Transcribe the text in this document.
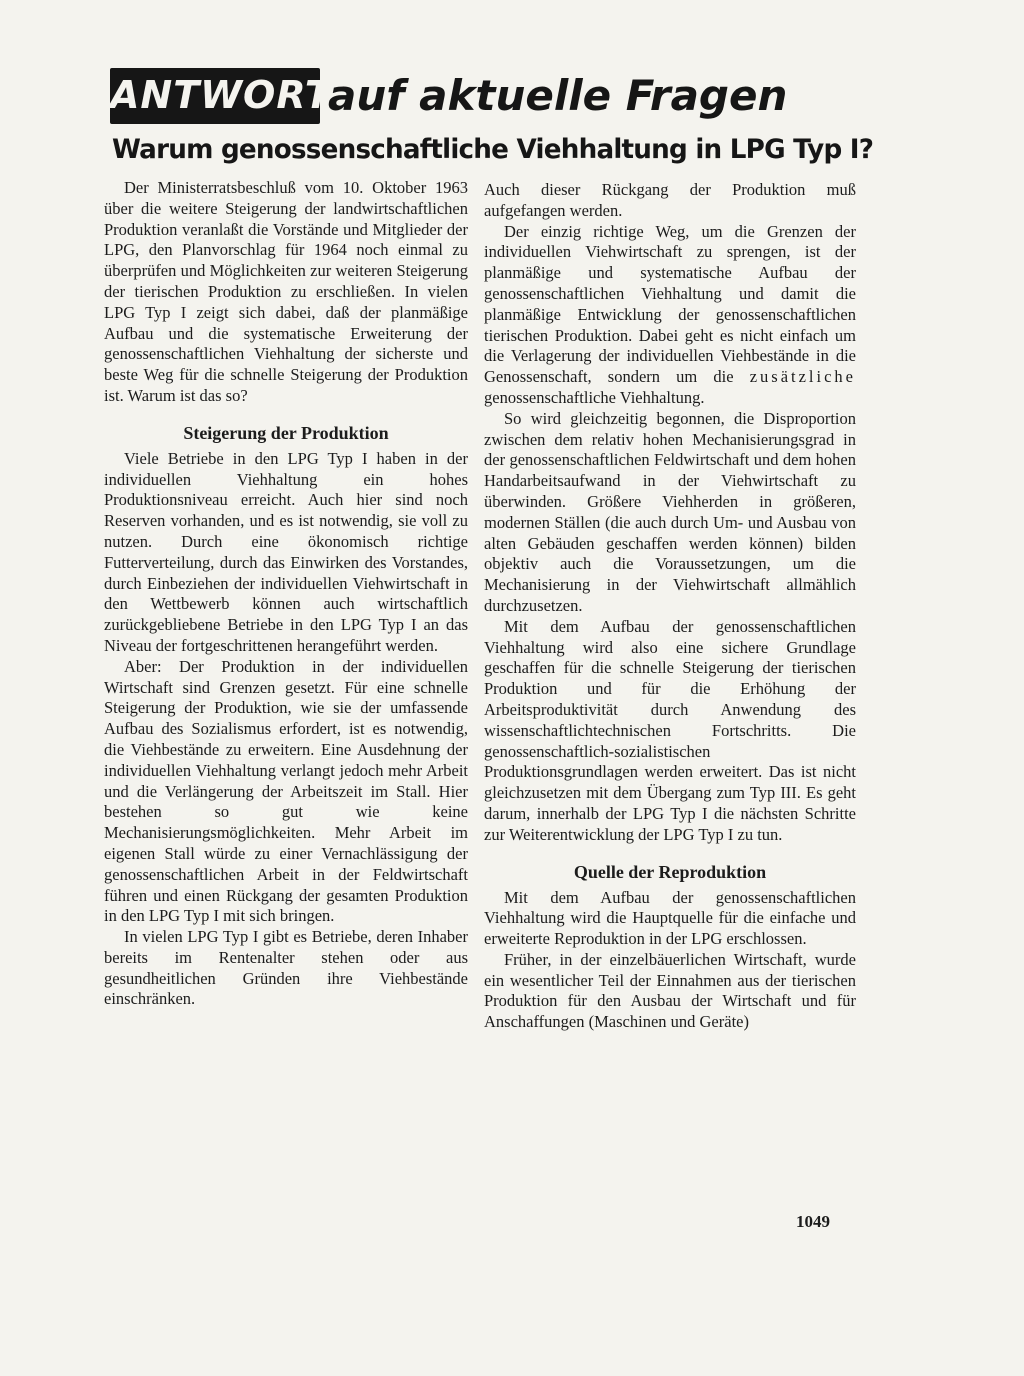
ANTWORT
auf aktuelle Fragen
Warum genossenschaftliche Viehhaltung in LPG Typ I?

Der Ministerratsbeschluß vom 10. Oktober 1963 über die weitere Steigerung der landwirtschaftlichen Produktion veranlaßt die Vorstände und Mitglieder der LPG, den Planvorschlag für 1964 noch einmal zu überprüfen und Möglichkeiten zur weiteren Steigerung der tierischen Produktion zu erschließen. In vielen LPG Typ I zeigt sich dabei, daß der planmäßige Aufbau und die systematische Erweiterung der genossenschaftlichen Viehhaltung der sicherste und beste Weg für die schnelle Steigerung der Produktion ist. Warum ist das so?

Steigerung der Produktion

Viele Betriebe in den LPG Typ I haben in der individuellen Viehhaltung ein hohes Produktionsniveau erreicht. Auch hier sind noch Reserven vorhanden, und es ist notwendig, sie voll zu nutzen. Durch eine ökonomisch richtige Futterverteilung, durch das Einwirken des Vorstandes, durch Einbeziehen der individuellen Viehwirtschaft in den Wettbewerb können auch wirtschaftlich zurückgebliebene Betriebe in den LPG Typ I an das Niveau der fortgeschrittenen herangeführt werden.

Aber: Der Produktion in der individuellen Wirtschaft sind Grenzen gesetzt. Für eine schnelle Steigerung der Produktion, wie sie der umfassende Aufbau des Sozialismus erfordert, ist es notwendig, die Viehbestände zu erweitern. Eine Ausdehnung der individuellen Viehhaltung verlangt jedoch mehr Arbeit und die Verlängerung der Arbeitszeit im Stall. Hier bestehen so gut wie keine Mechanisierungsmöglichkeiten. Mehr Arbeit im eigenen Stall würde zu einer Vernachlässigung der genossenschaftlichen Arbeit in der Feldwirtschaft führen und einen Rückgang der gesamten Produktion in den LPG Typ I mit sich bringen.

In vielen LPG Typ I gibt es Betriebe, deren Inhaber bereits im Rentenalter stehen oder aus gesundheitlichen Gründen ihre Viehbestände einschränken.

Auch dieser Rückgang der Produktion muß aufgefangen werden.

Der einzig richtige Weg, um die Grenzen der individuellen Viehwirtschaft zu sprengen, ist der planmäßige und systematische Aufbau der genossenschaftlichen Viehhaltung und damit die planmäßige Entwicklung der genossenschaftlichen tierischen Produktion. Dabei geht es nicht einfach um die Verlagerung der individuellen Viehbestände in die Genossenschaft, sondern um die zusätzliche genossenschaftliche Viehhaltung.

So wird gleichzeitig begonnen, die Disproportion zwischen dem relativ hohen Mechanisierungsgrad in der genossenschaftlichen Feldwirtschaft und dem hohen Handarbeitsaufwand in der Viehwirtschaft zu überwinden. Größere Viehherden in größeren, modernen Ställen (die auch durch Um- und Ausbau von alten Gebäuden geschaffen werden können) bilden objektiv auch die Voraussetzungen, um die Mechanisierung in der Viehwirtschaft allmählich durchzusetzen.

Mit dem Aufbau der genossenschaftlichen Viehhaltung wird also eine sichere Grundlage geschaffen für die schnelle Steigerung der tierischen Produktion und für die Erhöhung der Arbeitsproduktivität durch Anwendung des wissenschaftlichtechnischen Fortschritts. Die genossenschaftlich-sozialistischen Produktionsgrundlagen werden erweitert. Das ist nicht gleichzusetzen mit dem Übergang zum Typ III. Es geht darum, innerhalb der LPG Typ I die nächsten Schritte zur Weiterentwicklung der LPG Typ I zu tun.

Quelle der Reproduktion

Mit dem Aufbau der genossenschaftlichen Viehhaltung wird die Hauptquelle für die einfache und erweiterte Reproduktion in der LPG erschlossen.

Früher, in der einzelbäuerlichen Wirtschaft, wurde ein wesentlicher Teil der Einnahmen aus der tierischen Produktion für den Ausbau der Wirtschaft und für Anschaffungen (Maschinen und Geräte)

1049
